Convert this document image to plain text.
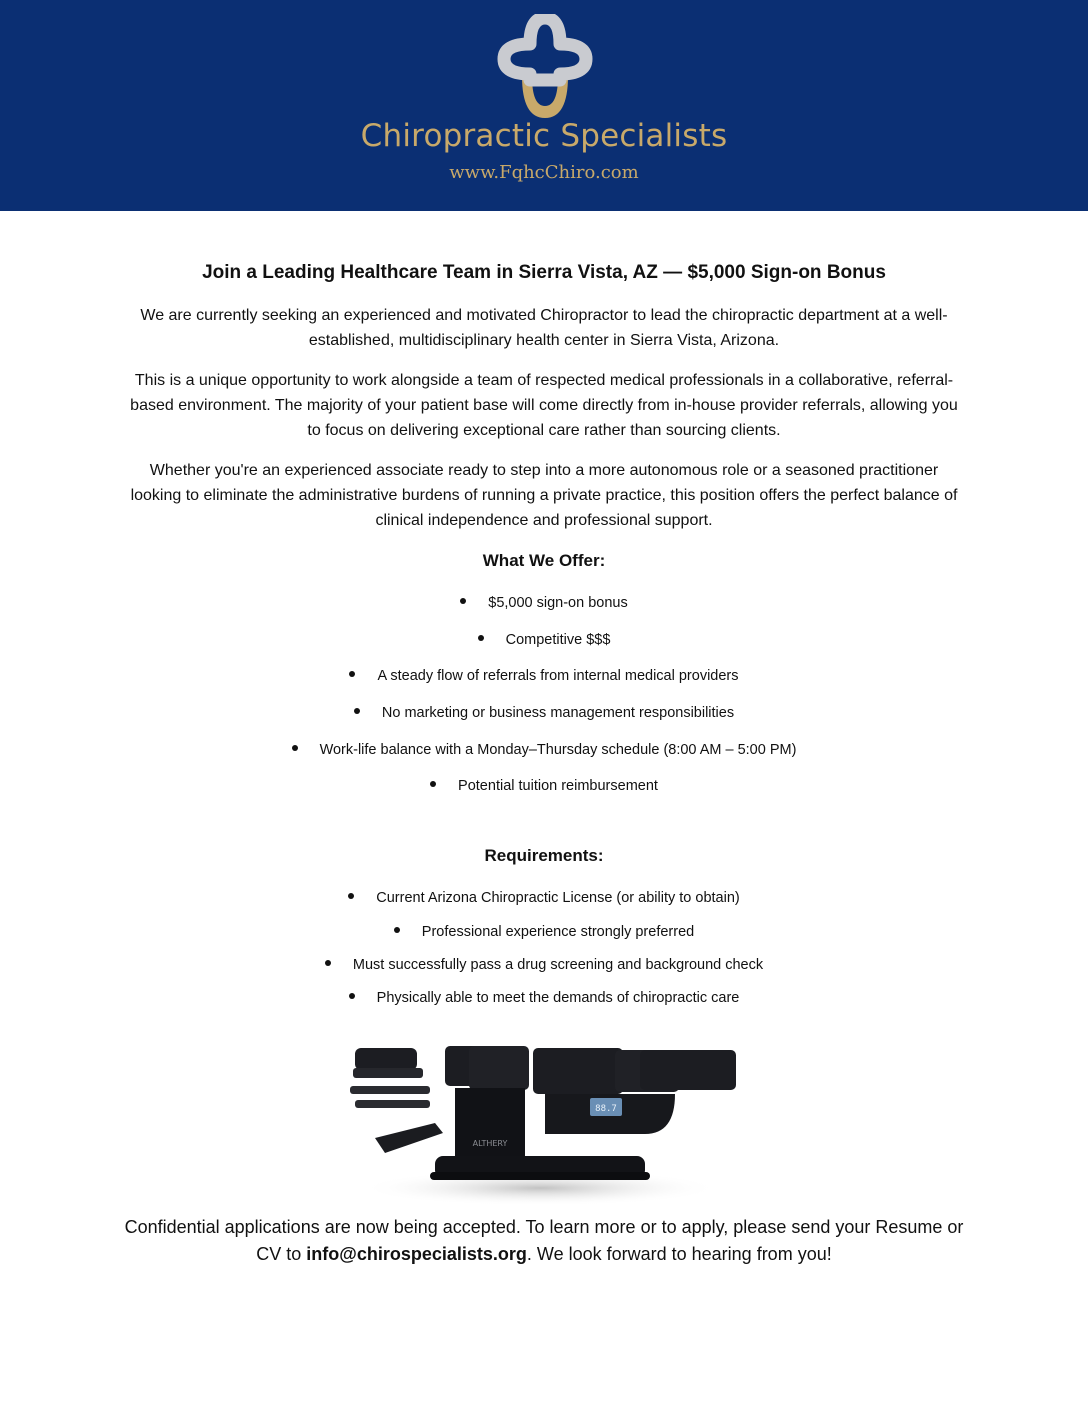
Chiropractic Specialists
www.FqhcChiro.com
Join a Leading Healthcare Team in Sierra Vista, AZ — $5,000 Sign-on Bonus

We are currently seeking an experienced and motivated Chiropractor to lead the chiropractic department at a well-established, multidisciplinary health center in Sierra Vista, Arizona.

This is a unique opportunity to work alongside a team of respected medical professionals in a collaborative, referral-based environment. The majority of your patient base will come directly from in-house provider referrals, allowing you to focus on delivering exceptional care rather than sourcing clients.

Whether you're an experienced associate ready to step into a more autonomous role or a seasoned practitioner looking to eliminate the administrative burdens of running a private practice, this position offers the perfect balance of clinical independence and professional support.

What We Offer:
$5,000 sign-on bonus
Competitive $$$
A steady flow of referrals from internal medical providers
No marketing or business management responsibilities
Work-life balance with a Monday–Thursday schedule (8:00 AM – 5:00 PM)
Potential tuition reimbursement
Requirements:
Current Arizona Chiropractic License (or ability to obtain)
Professional experience strongly preferred
Must successfully pass a drug screening and background check
Physically able to meet the demands of chiropractic care
88.7
ALTHERY
Confidential applications are now being accepted. To learn more or to apply, please send your Resume or CV to info@chirospecialists.org. We look forward to hearing from you!
